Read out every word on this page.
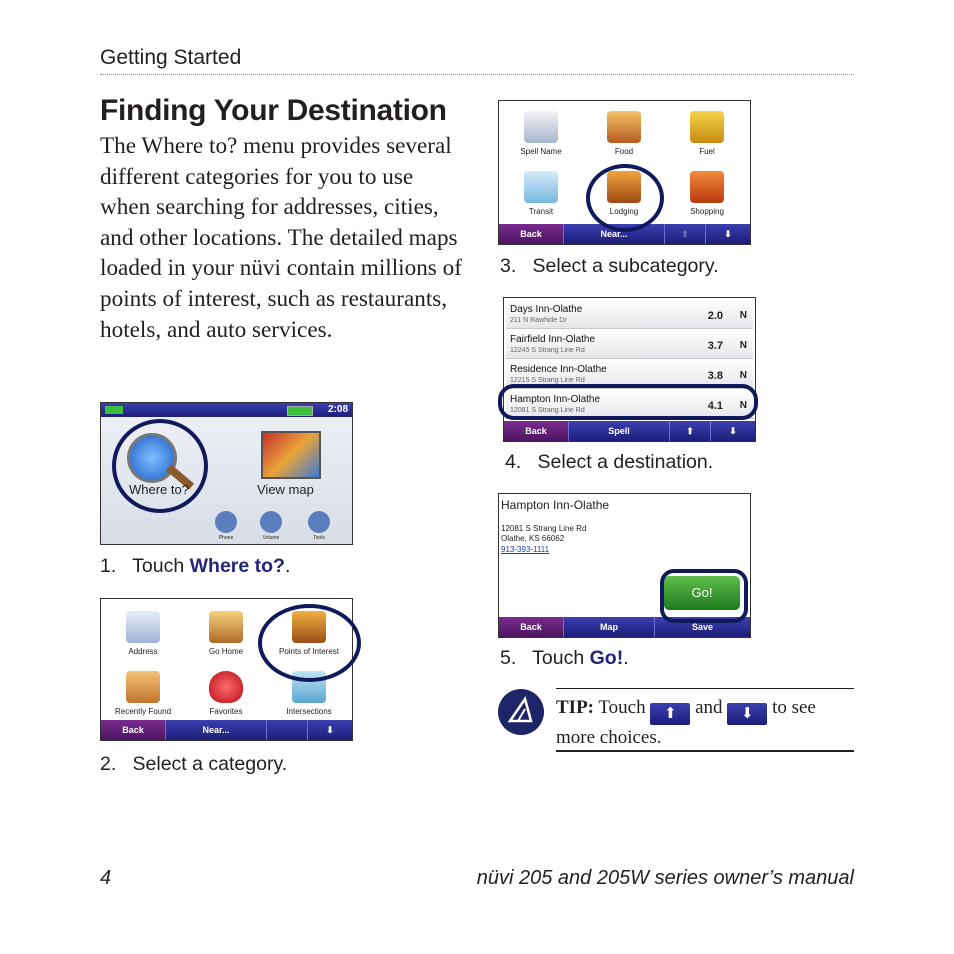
Getting Started
Finding Your Destination
The Where to? menu provides several different categories for you to use when searching for addresses, cities, and other locations. The detailed maps loaded in your nüvi contain millions of points of interest, such as restaurants, hotels, and auto services.
2:08
Where to?	View map
Phone	Volume	Tools
1. Touch Where to?.
Address	Go Home	Points of Interest
Recently Found	Favorites	Intersections
Back	Near...	⬇
2. Select a category.
Spell Name	Food	Fuel
Transit	Lodging	Shopping
Back	Near...	⬆	⬇
3. Select a subcategory.
Days Inn-Olathe
211 N Rawhide Dr	2.0 N
Fairfield Inn-Olathe
12245 S Strang Line Rd	3.7 N
Residence Inn-Olathe
12215 S Strang Line Rd	3.8 N
Hampton Inn-Olathe
12081 S Strang Line Rd	4.1 N
Back	Spell	⬆	⬇
4. Select a destination.
Hampton Inn-Olathe
12081 S Strang Line Rd
Olathe, KS 66062
913-393-1111
Go!
Back	Map	Save
5. Touch Go!.
TIP: Touch ⬆ and ⬇ to see more choices.
4	nüvi 205 and 205W series owner’s manual
